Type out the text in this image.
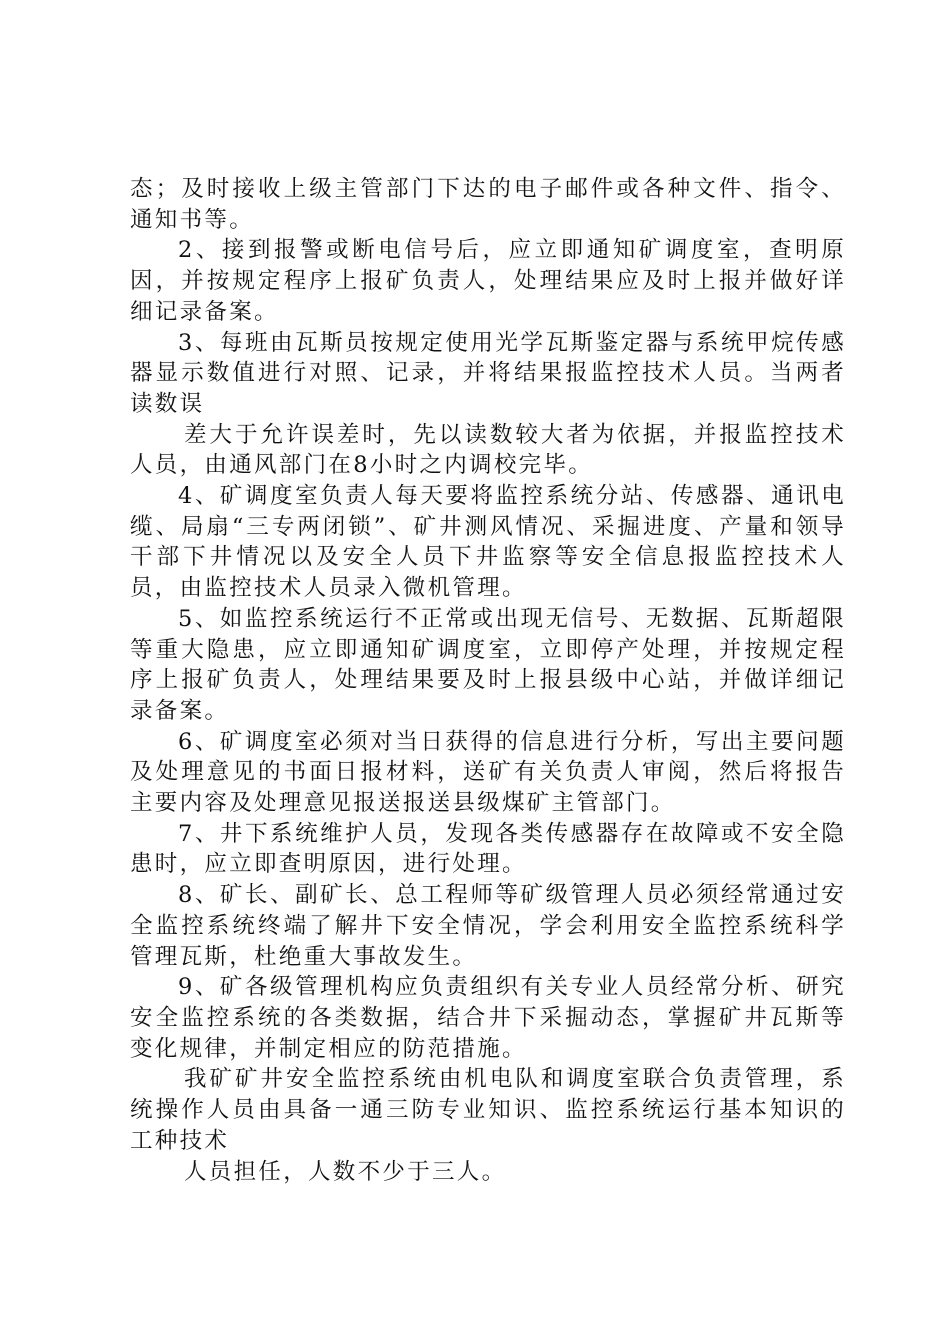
态；及时接收上级主管部门下达的电子邮件或各种文件、指令、通知书等。

2、接到报警或断电信号后，应立即通知矿调度室，查明原因，并按规定程序上报矿负责人，处理结果应及时上报并做好详细记录备案。

3、每班由瓦斯员按规定使用光学瓦斯鉴定器与系统甲烷传感器显示数值进行对照、记录，并将结果报监控技术人员。当两者读数误

差大于允许误差时，先以读数较大者为依据，并报监控技术人员，由通风部门在8小时之内调校完毕。

4、矿调度室负责人每天要将监控系统分站、传感器、通讯电缆、局扇“三专两闭锁”、矿井测风情况、采掘进度、产量和领导干部下井情况以及安全人员下井监察等安全信息报监控技术人员，由监控技术人员录入微机管理。

5、如监控系统运行不正常或出现无信号、无数据、瓦斯超限等重大隐患，应立即通知矿调度室，立即停产处理，并按规定程序上报矿负责人，处理结果要及时上报县级中心站，并做详细记录备案。

6、矿调度室必须对当日获得的信息进行分析，写出主要问题及处理意见的书面日报材料，送矿有关负责人审阅，然后将报告主要内容及处理意见报送报送县级煤矿主管部门。

7、井下系统维护人员，发现各类传感器存在故障或不安全隐患时，应立即查明原因，进行处理。

8、矿长、副矿长、总工程师等矿级管理人员必须经常通过安全监控系统终端了解井下安全情况，学会利用安全监控系统科学管理瓦斯，杜绝重大事故发生。

9、矿各级管理机构应负责组织有关专业人员经常分析、研究安全监控系统的各类数据，结合井下采掘动态，掌握矿井瓦斯等变化规律，并制定相应的防范措施。

我矿矿井安全监控系统由机电队和调度室联合负责管理，系统操作人员由具备一通三防专业知识、监控系统运行基本知识的工种技术

人员担任，人数不少于三人。
